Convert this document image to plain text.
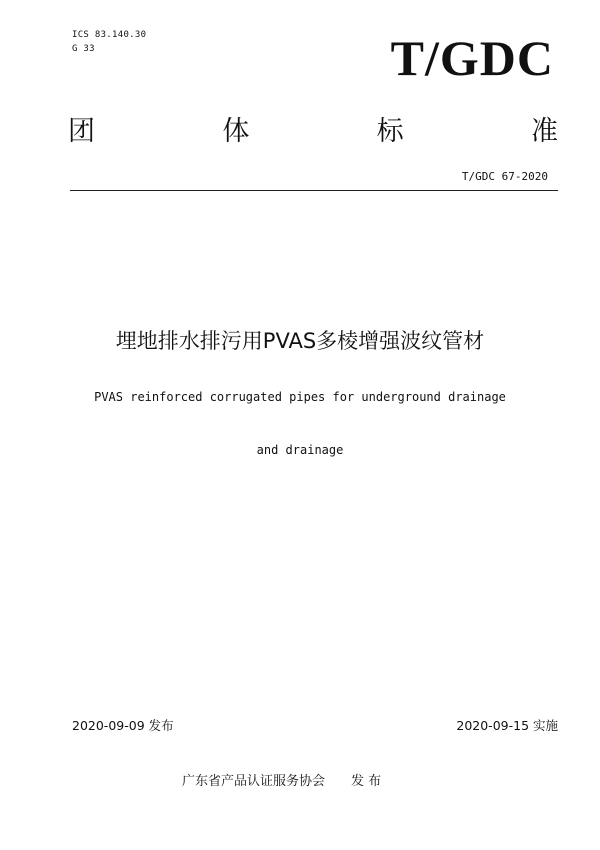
ICS 83.140.30
G 33	T/GDC
团	体	标	准
T/GDC 67-2020
埋地排水排污用PVAS多棱增强波纹管材
PVAS reinforced corrugated pipes for underground drainage
and drainage
2020-09-09 发布	2020-09-15 实施
广东省产品认证服务协会 发 布
